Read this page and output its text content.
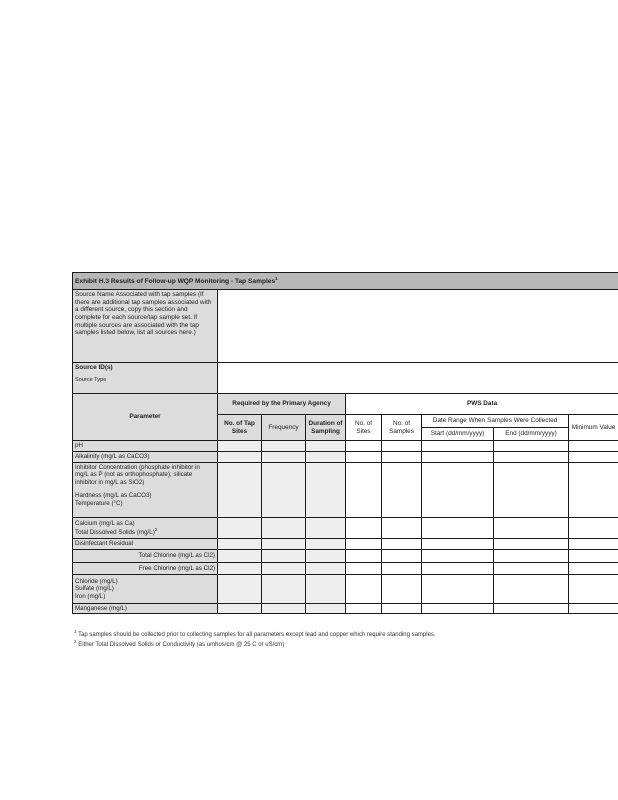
Exhibit H.3 Results of Follow-up WQP Monitoring - Tap Samples$^1$
Source Name Associated with tap samples (If there are additional tap samples associated with a different source, copy this section and complete for each source/tap sample set. If multiple sources are associated with the tap samples listed below, list all sources here.)								

Source ID(s)
Source Type								

Parameter	Required by the Primary Agency			PWS Data				
	No. of Tap Sites	Frequency	Duration of Sampling	No. of Sites	No. of Samples	Date Range When Samples Were Collected		Minimum Value
						Start (dd/mm/yyyy)	End (dd/mm/yyyy)	
pH								
Alkalinity (mg/L as CaCO3)								

Inhibitor Concentration (phosphate inhibitor in mg/L as P (not as orthophosphate); silicate inhibitor in mg/L as SiO2)
Hardness (mg/L as CaCO3)
Temperature (°C)								

Calcium (mg/L as Ca)
Total Dissolved Solids $(mg/L)^2$

Disinfectant Residual								
Total Chlorine (mg/L as Cl2)								
Free Chlorine (mg/L as Cl2)								

Chloride (mg/L)
Sulfate (mg/L)
Iron (mg/L)								

Manganese (mg/L)								
$^1$ Tap samples should be collected prior to collecting samples for all parameters except lead and copper which require standing samples.
$^2$ Either Total Dissolved Solids or Conductivity (as umhos/cm @ 25 C or uS/cm)
